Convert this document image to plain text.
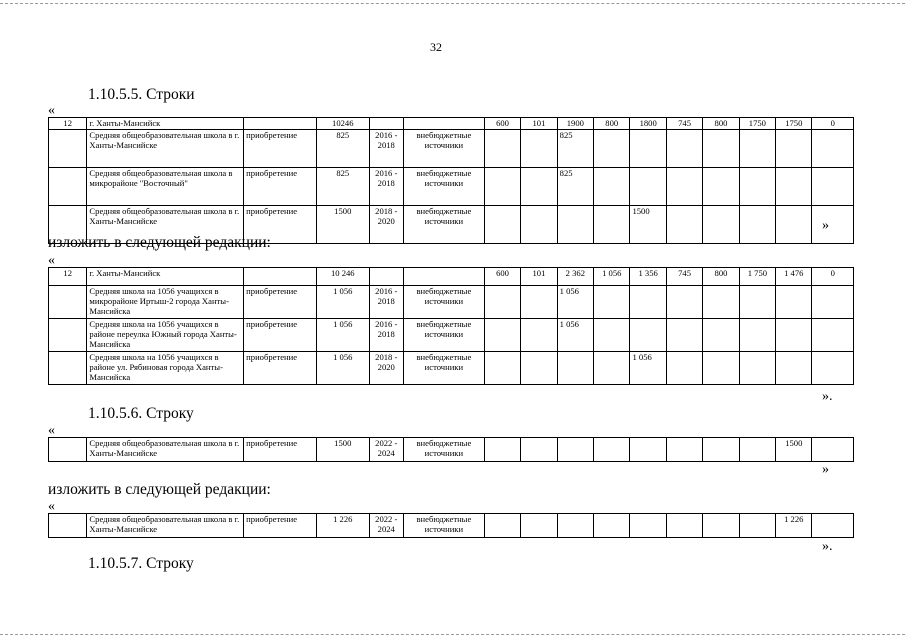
32
1.10.5.5. Строки
«
12	г. Ханты-Мансийск		10246			600	101	1900	800	1800	745	800	1750	1750	0
	Средняя общеобразовательная школа в г. Ханты-Мансийске	приобретение	825	2016 - 2018	внебюджетные источники			825							
	Средняя общеобразовательная школа в микрорайоне "Восточный"	приобретение	825	2016 - 2018	внебюджетные источники			825							
	Средняя общеобразовательная школа в г. Ханты-Мансийске	приобретение	1500	2018 - 2020	внебюджетные источники					1500					
»
изложить в следующей редакции:
«
12	г. Ханты-Мансийск		10 246			600	101	2 362	1 056	1 356	745	800	1 750	1 476	0
	Средняя школа на 1056 учащихся в микрорайоне Иртыш-2 города Ханты-Мансийска	приобретение	1 056	2016 - 2018	внебюджетные источники			1 056							
	Средняя школа на 1056 учащихся в районе переулка Южный города Ханты-Мансийска	приобретение	1 056	2016 - 2018	внебюджетные источники			1 056							
	Средняя школа на 1056 учащихся в районе ул. Рябиновая города Ханты-Мансийска	приобретение	1 056	2018 - 2020	внебюджетные источники					1 056					
».
1.10.5.6. Строку
«
	Средняя общеобразовательная школа в г. Ханты-Мансийске	приобретение	1500	2022 - 2024	внебюджетные источники									1500	
»
изложить в следующей редакции:
«
	Средняя общеобразовательная школа в г. Ханты-Мансийске	приобретение	1 226	2022 - 2024	внебюджетные источники									1 226	
».
1.10.5.7. Строку
